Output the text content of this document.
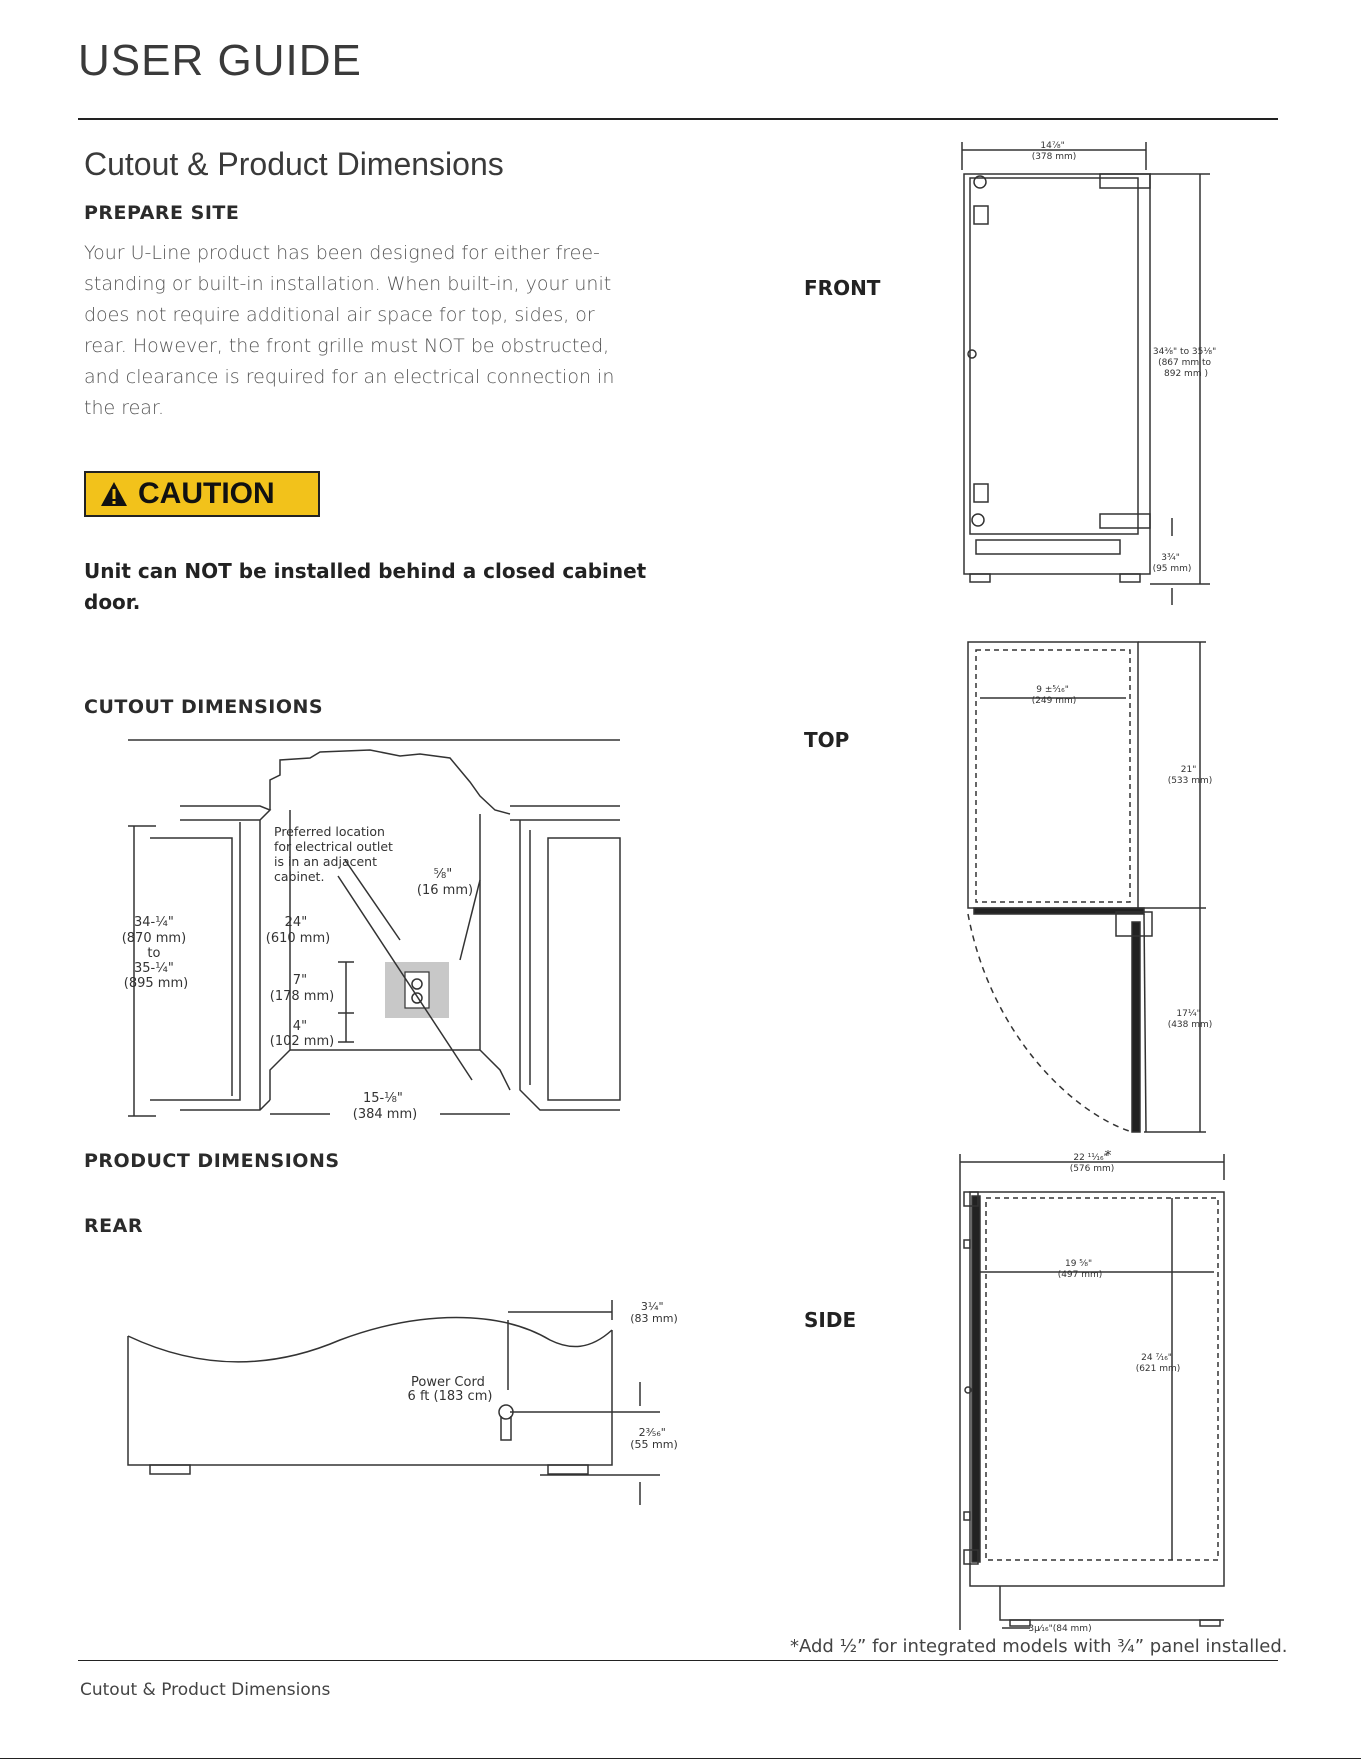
USER GUIDE
Cutout & Product Dimensions
PREPARE SITE
Your U-Line product has been designed for either free-
standing or built-in installation. When built-in, your unit
does not require additional air space for top, sides, or
rear. However, the front grille must NOT be obstructed,
and clearance is required for an electrical connection in
the rear.
CAUTION
Unit can NOT be installed behind a closed cabinet
door.
CUTOUT DIMENSIONS
Preferred location for electrical outlet is in an adjacent cabinet.
34-¼" (870 mm) to 35-¼" (895 mm)
24" (610 mm)
⅝" (16 mm)
7" (178 mm)
4" (102 mm)
15-⅛" (384 mm)
PRODUCT DIMENSIONS
REAR
Power Cord 6 ft (183 cm)
3¼" (83 mm)
2⅗₆" (55 mm)
FRONT
TOP
SIDE
14⅞" (378 mm)
34⅜" to 35⅛" (867 mm to 892 mm )
3¾" (95 mm)
9 ±⁵⁄₁₆" (249 mm)
21" (533 mm)
17¼" (438 mm)
22 ¹¹⁄₁₆" (576 mm)
*
19 ⁵⁄₈" (497 mm)
24 ⁷⁄₁₆" (621 mm)
3µ⁄₁₆"(84 mm)
*Add ½” for integrated models with ¾” panel installed.
Cutout & Product Dimensions
